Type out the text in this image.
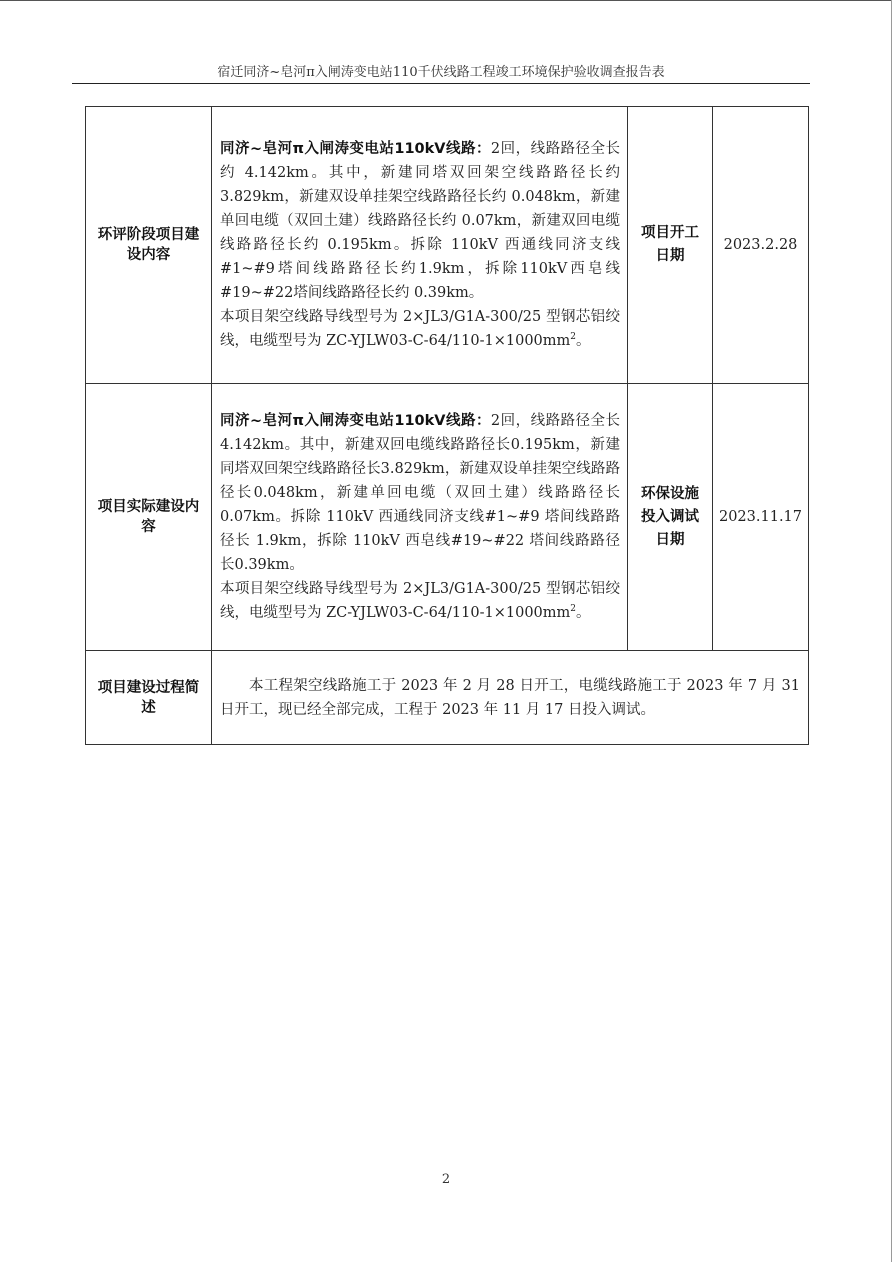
宿迁同济~皂河π入闸涛变电站110千伏线路工程竣工环境保护验收调查报告表
环评阶段项目建设内容	同济~皂河π入闸涛变电站110kV线路：2回，线路路径全长约 4.142km。其中，新建同塔双回架空线路路径长约3.829km，新建双设单挂架空线路路径长约 0.048km，新建单回电缆（双回土建）线路路径长约 0.07km，新建双回电缆线路路径长约 0.195km。拆除 110kV 西通线同济支线#1~#9塔间线路路径长约1.9km，拆除110kV西皂线#19~#22塔间线路路径长约 0.39km。

本项目架空线路导线型号为 2×JL3/G1A-300/25 型钢芯铝绞线，电缆型号为 $ZC-YJLW03-C-64/110-1\times 1000mm^2$。	项目开工日期	2023.2.28
项目实际建设内容	同济~皂河π入闸涛变电站110kV线路：2回，线路路径全长4.142km。其中，新建双回电缆线路路径长0.195km，新建同塔双回架空线路路径长3.829km，新建双设单挂架空线路路径长0.048km，新建单回电缆（双回土建）线路路径长0.07km。拆除 110kV 西通线同济支线#1~#9 塔间线路路径长 1.9km，拆除 110kV 西皂线#19~#22 塔间线路路径长0.39km。

本项目架空线路导线型号为 2×JL3/G1A-300/25 型钢芯铝绞线，电缆型号为 $ZC-YJLW03-C-64/110-1\times 1000mm^2$。	环保设施投入调试日期	2023.11.17
项目建设过程简述	本工程架空线路施工于 2023 年 2 月 28 日开工，电缆线路施工于 2023 年 7 月 31 日开工，现已经全部完成，工程于 2023 年 11 月 17 日投入调试。		

2
